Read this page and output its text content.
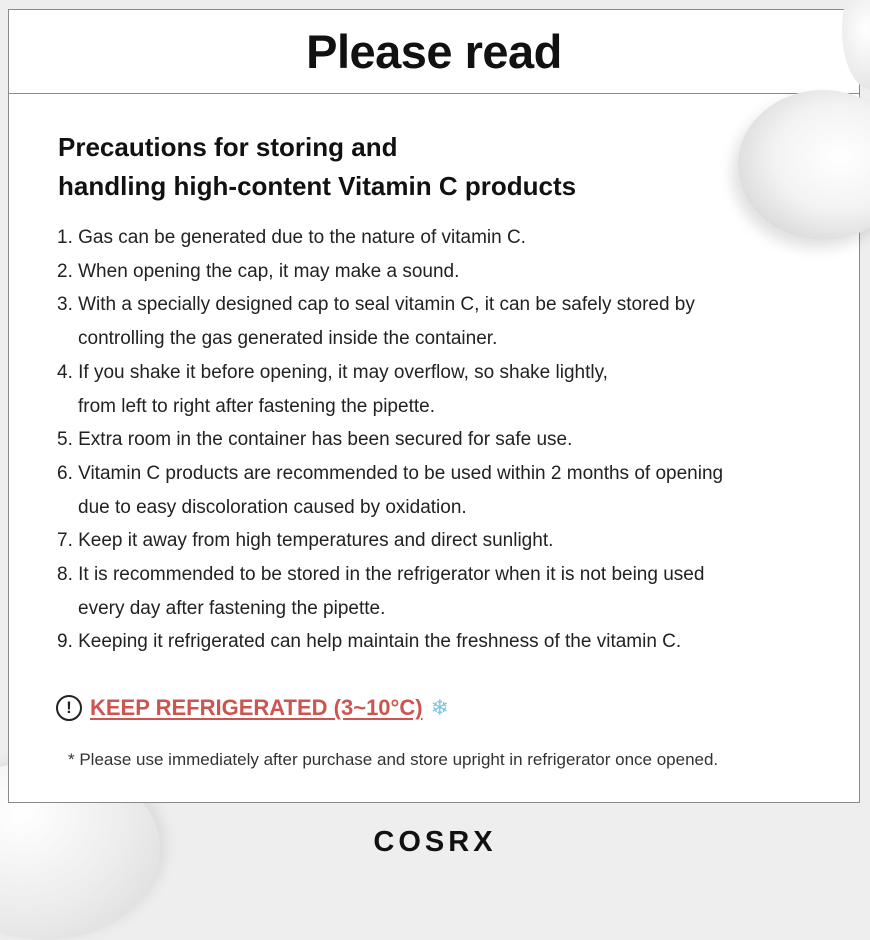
Please read
Precautions for storing and
handling high-content Vitamin C products
1. Gas can be generated due to the nature of vitamin C.
2. When opening the cap, it may make a sound.
3. With a specially designed cap to seal vitamin C, it can be safely stored by
controlling the gas generated inside the container.
4. If you shake it before opening, it may overflow, so shake lightly,
from left to right after fastening the pipette.
5. Extra room in the container has been secured for safe use.
6. Vitamin C products are recommended to be used within 2 months of opening
due to easy discoloration caused by oxidation.
7. Keep it away from high temperatures and direct sunlight.
8. It is recommended to be stored in the refrigerator when it is not being used
every day after fastening the pipette.
9. Keeping it refrigerated can help maintain the freshness of the vitamin C.
! KEEP REFRIGERATED (3~10°C) ❄
* Please use immediately after purchase and store upright in refrigerator once opened.
COSRX
